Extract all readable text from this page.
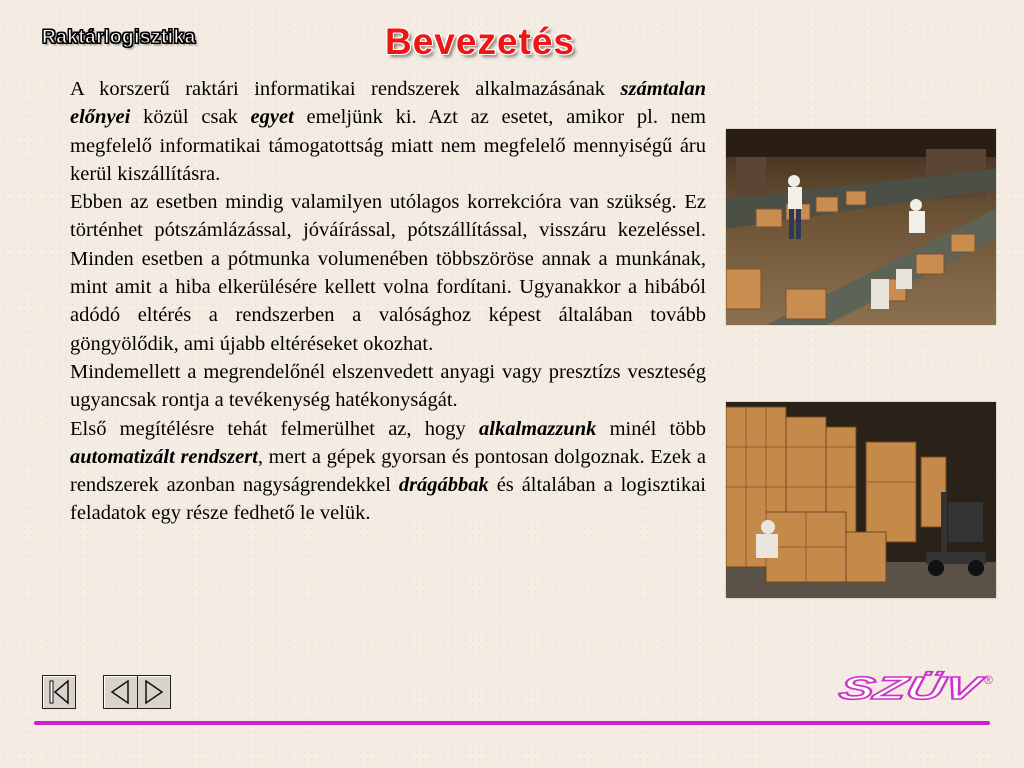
Raktárlogisztika	Bevezetés

A korszerű raktári informatikai rendszerek alkalmazásának számtalan előnyei közül csak egyet emeljünk ki. Azt az esetet, amikor pl. nem megfelelő informatikai támogatottság miatt nem megfelelő mennyiségű áru kerül kiszállításra.

Ebben az esetben mindig valamilyen utólagos korrekcióra van szükség. Ez történhet pótszámlázással, jóváírással, pótszállítással, visszáru kezeléssel. Minden esetben a pótmunka volumenében többszöröse annak a munkának, mint amit a hiba elkerülésére kellett volna fordítani. Ugyanakkor a hibából adódó eltérés a rendszerben a valósághoz képest általában tovább göngyölődik, ami újabb eltéréseket okozhat.

Mindemellett a megrendelőnél elszenvedett anyagi vagy presztízs veszteség ugyancsak rontja a tevékenység hatékonyságát.

Első megítélésre tehát felmerülhet az, hogy alkalmazzunk minél több automatizált rendszert, mert a gépek gyorsan és pontosan dolgoznak. Ezek a rendszerek azonban nagyságrendekkel drágábbak és általában a logisztikai feladatok egy része fedhető le velük.

SZÜV	®
